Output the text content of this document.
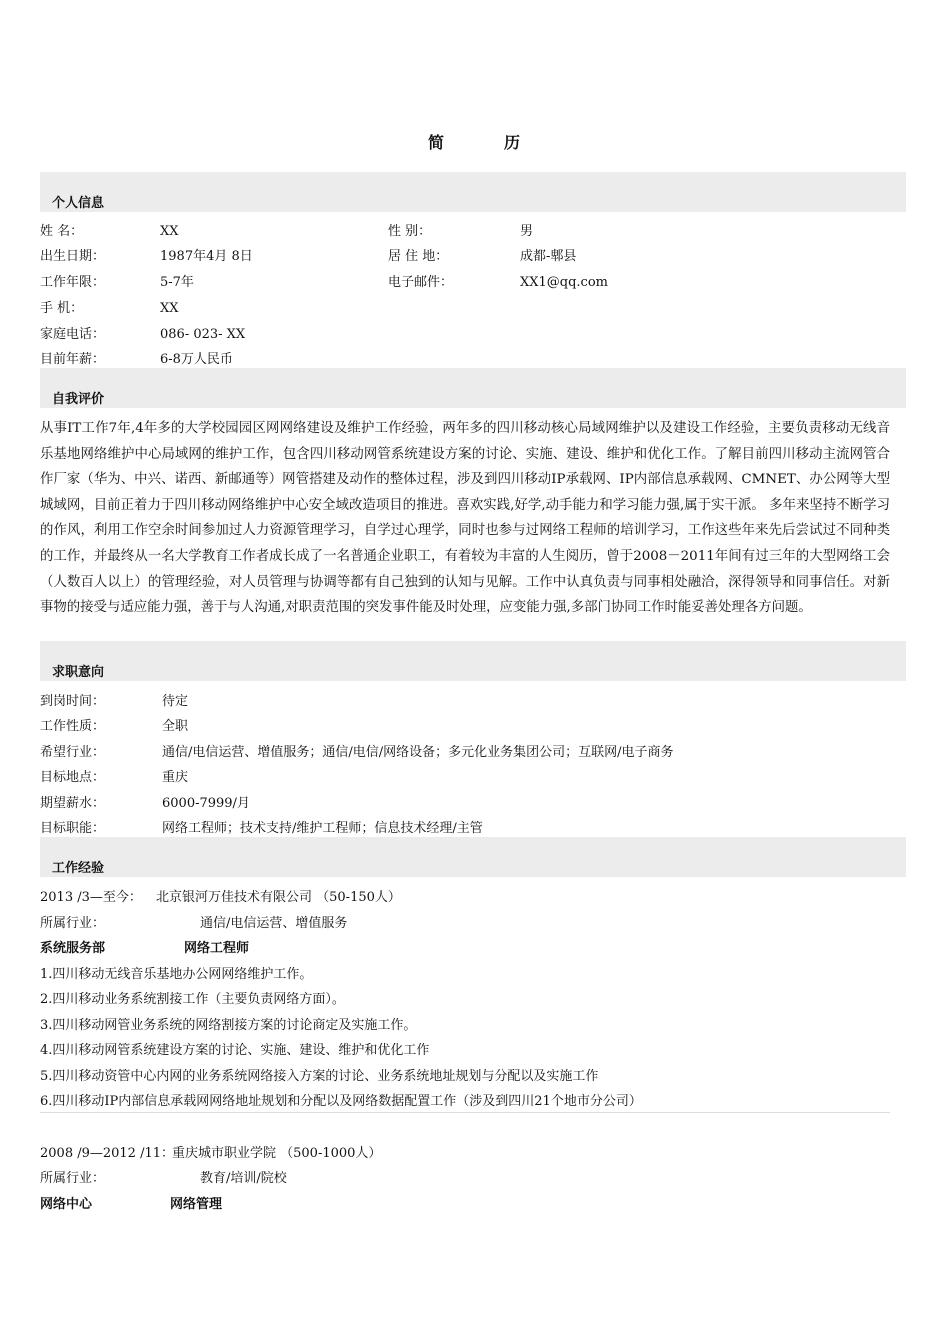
简	历
个人信息
姓 名：	XX	性 别：	男
出生日期：	1987年4月 8日	居 住 地：	成都-郫县
工作年限：	5-7年	电子邮件：	XX1@qq.com
手 机：	XX
家庭电话：	086- 023- XX
目前年薪：	6-8万人民币
自我评价
从事IT工作7年,4年多的大学校园园区网网络建设及维护工作经验，两年多的四川移动核心局域网维护以及建设工作经验，主要负责移动无线音乐基地网络维护中心局域网的维护工作，包含四川移动网管系统建设方案的讨论、实施、建设、维护和优化工作。了解目前四川移动主流网管合作厂家（华为、中兴、诺西、新邮通等）网管搭建及动作的整体过程，涉及到四川移动IP承载网、IP内部信息承载网、CMNET、办公网等大型城域网，目前正着力于四川移动网络维护中心安全域改造项目的推进。喜欢实践,好学,动手能力和学习能力强,属于实干派。 多年来坚持不断学习的作风，利用工作空余时间参加过人力资源管理学习，自学过心理学，同时也参与过网络工程师的培训学习，工作这些年来先后尝试过不同种类的工作，并最终从一名大学教育工作者成长成了一名普通企业职工，有着较为丰富的人生阅历，曾于2008－2011年间有过三年的大型网络工会（人数百人以上）的管理经验，对人员管理与协调等都有自己独到的认知与见解。工作中认真负责与同事相处融洽，深得领导和同事信任。对新事物的接受与适应能力强，善于与人沟通,对职责范围的突发事件能及时处理，应变能力强,多部门协同工作时能妥善处理各方问题。
求职意向
到岗时间：	待定
工作性质：	全职
希望行业：	通信/电信运营、增值服务；通信/电信/网络设备；多元化业务集团公司；互联网/电子商务
目标地点：	重庆
期望薪水：	6000-7999/月
目标职能：	网络工程师；技术支持/维护工程师；信息技术经理/主管
工作经验
2013 /3—至今： 北京银河万佳技术有限公司 （50-150人）
所属行业：	通信/电信运营、增值服务
系统服务部	网络工程师
1.四川移动无线音乐基地办公网网络维护工作。
2.四川移动业务系统割接工作（主要负责网络方面）。
3.四川移动网管业务系统的网络割接方案的讨论商定及实施工作。
4.四川移动网管系统建设方案的讨论、实施、建设、维护和优化工作
5.四川移动资管中心内网的业务系统网络接入方案的讨论、业务系统地址规划与分配以及实施工作
6.四川移动IP内部信息承载网网络地址规划和分配以及网络数据配置工作（涉及到四川21个地市分公司）
2008 /9—2012 /11：
重庆城市职业学院 （500-1000人）
所属行业：	教育/培训/院校
网络中心	网络管理
